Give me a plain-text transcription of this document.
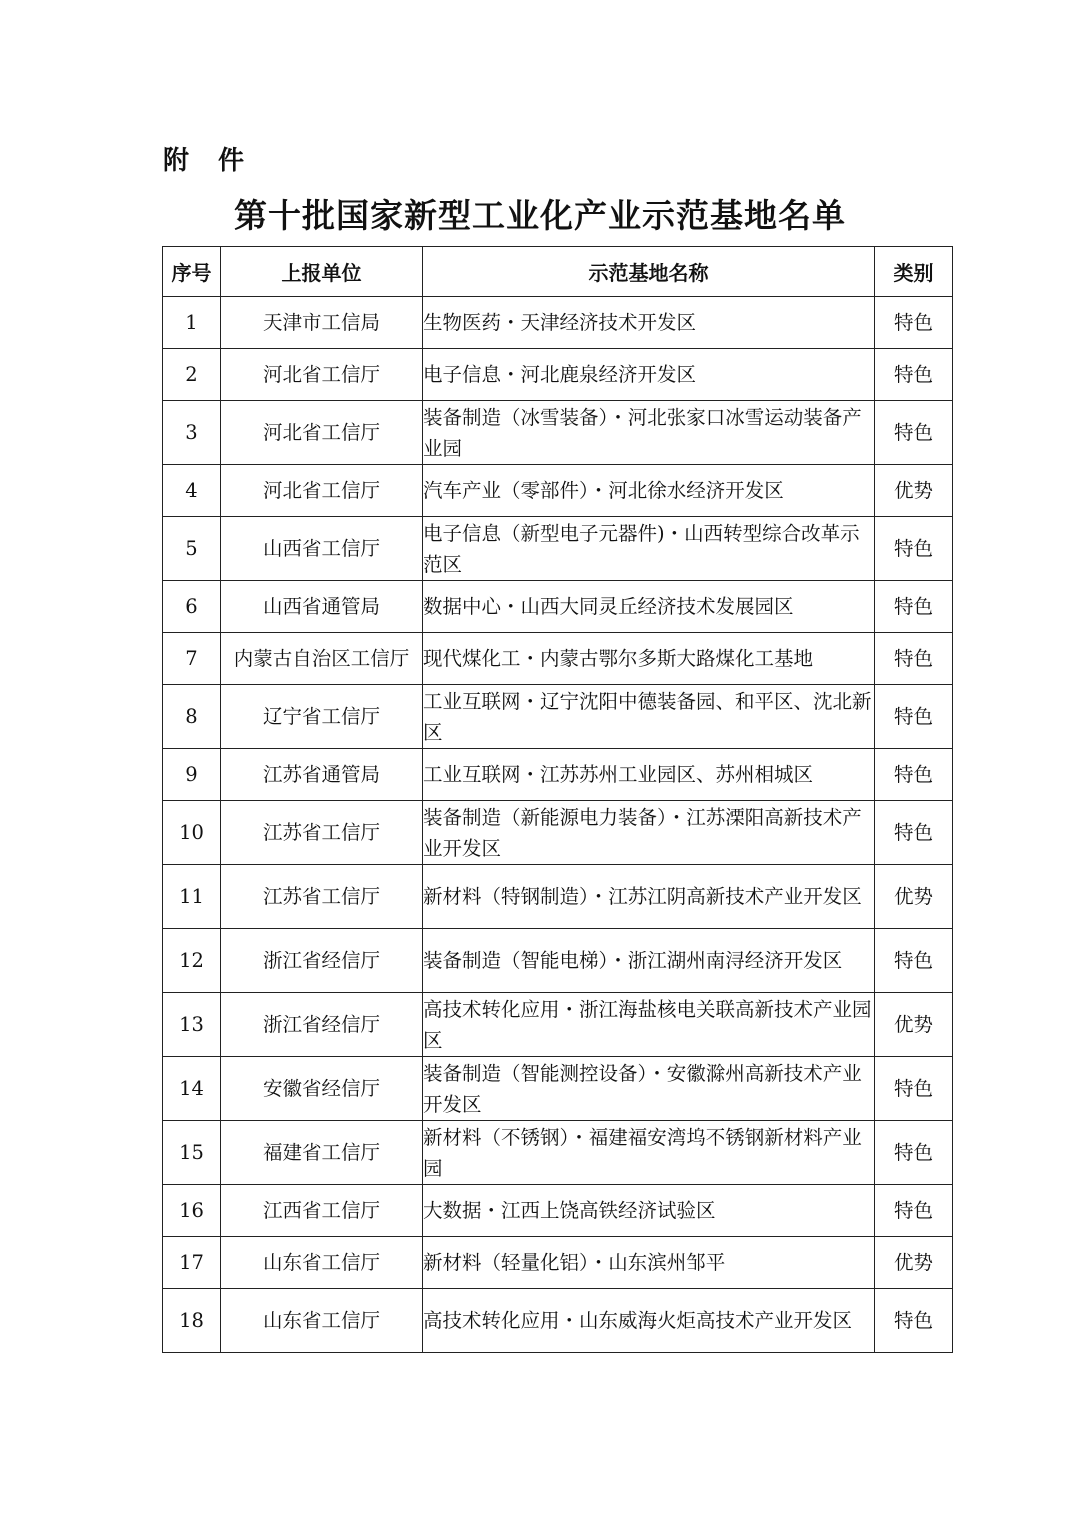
附 件
第十批国家新型工业化产业示范基地名单
序号	上报单位	示范基地名称	类别
1	天津市工信局	生物医药・天津经济技术开发区	特色
2	河北省工信厅	电子信息・河北鹿泉经济开发区	特色
3	河北省工信厅	装备制造（冰雪装备）・河北张家口冰雪运动装备产业园	特色
4	河北省工信厅	汽车产业（零部件）・河北徐水经济开发区	优势
5	山西省工信厅	电子信息（新型电子元器件)・山西转型综合改革示范区	特色
6	山西省通管局	数据中心・山西大同灵丘经济技术发展园区	特色
7	内蒙古自治区工信厅	现代煤化工・内蒙古鄂尔多斯大路煤化工基地	特色
8	辽宁省工信厅	工业互联网・辽宁沈阳中德装备园、和平区、沈北新区	特色
9	江苏省通管局	工业互联网・江苏苏州工业园区、苏州相城区	特色
10	江苏省工信厅	装备制造（新能源电力装备）・江苏溧阳高新技术产业开发区	特色
11	江苏省工信厅	新材料（特钢制造）・江苏江阴高新技术产业开发区	优势
12	浙江省经信厅	装备制造（智能电梯）・浙江湖州南浔经济开发区	特色
13	浙江省经信厅	高技术转化应用・浙江海盐核电关联高新技术产业园区	优势
14	安徽省经信厅	装备制造（智能测控设备）・安徽滁州高新技术产业开发区	特色
15	福建省工信厅	新材料（不锈钢）・福建福安湾坞不锈钢新材料产业园	特色
16	江西省工信厅	大数据・江西上饶高铁经济试验区	特色
17	山东省工信厅	新材料（轻量化铝）・山东滨州邹平	优势
18	山东省工信厅	高技术转化应用・山东威海火炬高技术产业开发区	特色
